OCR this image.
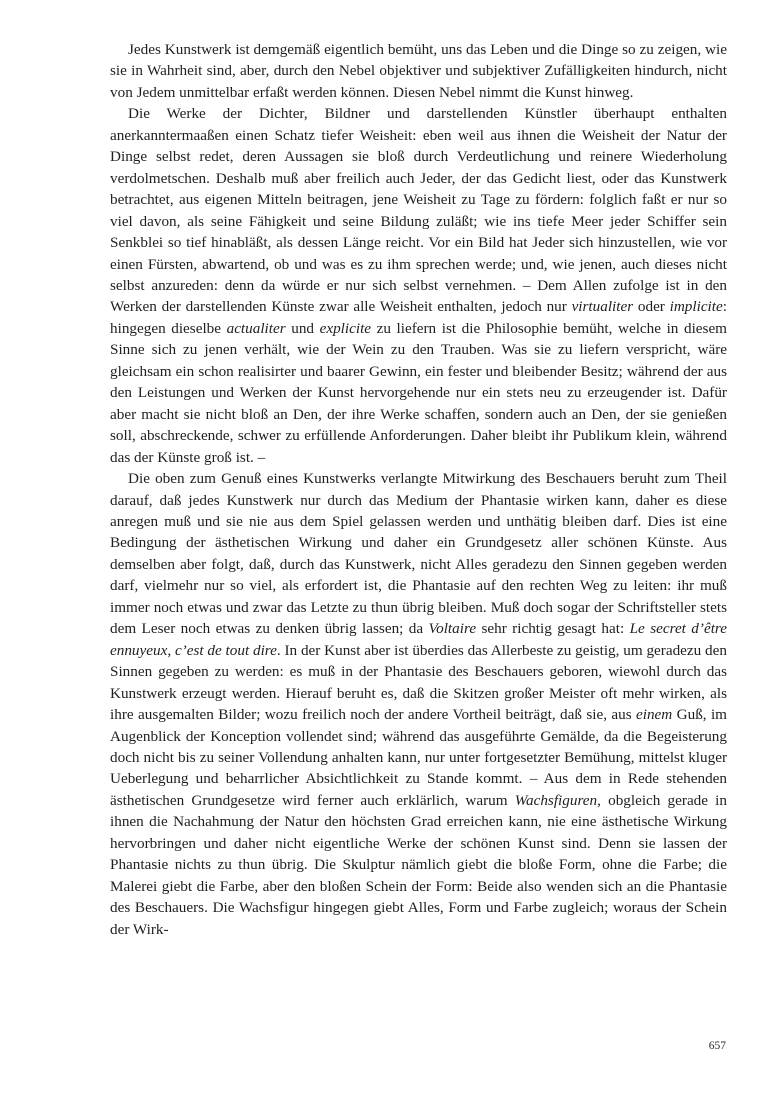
Jedes Kunstwerk ist demgemäß eigentlich bemüht, uns das Leben und die Dinge so zu zeigen, wie sie in Wahrheit sind, aber, durch den Nebel objektiver und subjektiver Zufälligkeiten hindurch, nicht von Jedem unmittelbar erfaßt werden können. Diesen Nebel nimmt die Kunst hinweg.

Die Werke der Dichter, Bildner und darstellenden Künstler überhaupt enthalten anerkanntermaaßen einen Schatz tiefer Weisheit: eben weil aus ihnen die Weisheit der Natur der Dinge selbst redet, deren Aussagen sie bloß durch Verdeutlichung und reinere Wiederholung verdolmetschen. Deshalb muß aber freilich auch Jeder, der das Gedicht liest, oder das Kunstwerk betrachtet, aus eigenen Mitteln beitragen, jene Weisheit zu Tage zu fördern: folglich faßt er nur so viel davon, als seine Fähigkeit und seine Bildung zuläßt; wie ins tiefe Meer jeder Schiffer sein Senkblei so tief hinabläßt, als dessen Länge reicht. Vor ein Bild hat Jeder sich hinzustellen, wie vor einen Fürsten, abwartend, ob und was es zu ihm sprechen werde; und, wie jenen, auch dieses nicht selbst anzureden: denn da würde er nur sich selbst vernehmen. – Dem Allen zufolge ist in den Werken der darstellenden Künste zwar alle Weisheit enthalten, jedoch nur virtualiter oder implicite: hingegen dieselbe actualiter und explicite zu liefern ist die Philosophie bemüht, welche in diesem Sinne sich zu jenen verhält, wie der Wein zu den Trauben. Was sie zu liefern verspricht, wäre gleichsam ein schon realisirter und baarer Gewinn, ein fester und bleibender Besitz; während der aus den Leistungen und Werken der Kunst hervorgehende nur ein stets neu zu erzeugender ist. Dafür aber macht sie nicht bloß an Den, der ihre Werke schaffen, sondern auch an Den, der sie genießen soll, abschreckende, schwer zu erfüllende Anforderungen. Daher bleibt ihr Publikum klein, während das der Künste groß ist. –

Die oben zum Genuß eines Kunstwerks verlangte Mitwirkung des Beschauers beruht zum Theil darauf, daß jedes Kunstwerk nur durch das Medium der Phantasie wirken kann, daher es diese anregen muß und sie nie aus dem Spiel gelassen werden und unthätig bleiben darf. Dies ist eine Bedingung der ästhetischen Wirkung und daher ein Grundgesetz aller schönen Künste. Aus demselben aber folgt, daß, durch das Kunstwerk, nicht Alles geradezu den Sinnen gegeben werden darf, vielmehr nur so viel, als erfordert ist, die Phantasie auf den rechten Weg zu leiten: ihr muß immer noch etwas und zwar das Letzte zu thun übrig bleiben. Muß doch sogar der Schriftsteller stets dem Leser noch etwas zu denken übrig lassen; da Voltaire sehr richtig gesagt hat: Le secret d’être ennuyeux, c’est de tout dire. In der Kunst aber ist überdies das Allerbeste zu geistig, um geradezu den Sinnen gegeben zu werden: es muß in der Phantasie des Beschauers geboren, wiewohl durch das Kunstwerk erzeugt werden. Hierauf beruht es, daß die Skitzen großer Meister oft mehr wirken, als ihre ausgemalten Bilder; wozu freilich noch der andere Vortheil beiträgt, daß sie, aus einem Guß, im Augenblick der Konception vollendet sind; während das ausgeführte Gemälde, da die Begeisterung doch nicht bis zu seiner Vollendung anhalten kann, nur unter fortgesetzter Bemühung, mittelst kluger Ueberlegung und beharrlicher Absichtlichkeit zu Stande kommt. – Aus dem in Rede stehenden ästhetischen Grundgesetze wird ferner auch erklärlich, warum Wachsfiguren, obgleich gerade in ihnen die Nachahmung der Natur den höchsten Grad erreichen kann, nie eine ästhetische Wirkung hervorbringen und daher nicht eigentliche Werke der schönen Kunst sind. Denn sie lassen der Phantasie nichts zu thun übrig. Die Skulptur nämlich giebt die bloße Form, ohne die Farbe; die Malerei giebt die Farbe, aber den bloßen Schein der Form: Beide also wenden sich an die Phantasie des Beschauers. Die Wachsfigur hingegen giebt Alles, Form und Farbe zugleich; woraus der Schein der Wirk-

657
